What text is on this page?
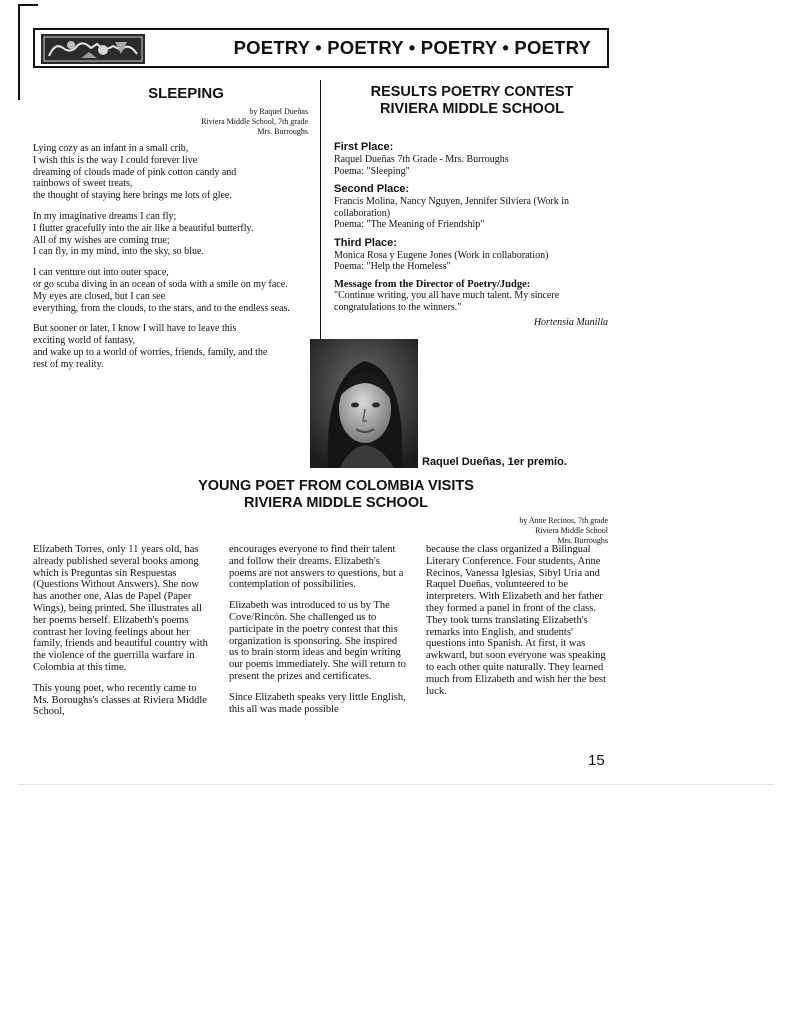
POETRY • POETRY • POETRY • POETRY
SLEEPING
by Raquel Dueñas
Riviera Middle School, 7th grade
Mrs. Burroughs
Lying cozy as an infant in a small crib,
I wish this is the way I could forever live
dreaming of clouds made of pink cotton candy and
rainbows of sweet treats,
the thought of staying here brings me lots of glee.
In my imaginative dreams I can fly;
I flutter gracefully into the air like a beautiful butterfly.
All of my wishes are coming true;
I can fly, in my mind, into the sky, so blue.
I can venture out into outer space,
or go scuba diving in an ocean of soda with a smile on my face.
My eyes are closed, but I can see
everything, from the clouds, to the stars, and to the endless seas.
But sooner or later, I know I will have to leave this
exciting world of fantasy,
and wake up to a world of worries, friends, family, and the
rest of my reality.
RESULTS POETRY CONTEST
RIVIERA MIDDLE SCHOOL
First Place:
Raquel Dueñas 7th Grade - Mrs. Burroughs
Poema: "Sleeping"
Second Place:
Francis Molina, Nancy Nguyen, Jennifer Silviera (Work in collaboration)
Poema: "The Meaning of Friendship"
Third Place:
Monica Rosa y Eugene Jones (Work in collaboration)
Poema: "Help the Homeless"
Message from the Director of Poetry/Judge:
"Continue writing, you all have much talent. My sincere congratulations to the winners."
Hortensia Munilla
Raquel Dueñas, 1er premio.
YOUNG POET FROM COLOMBIA VISITS
RIVIERA MIDDLE SCHOOL
by Anne Recinos, 7th grade
Riviera Middle School
Mrs. Burroughs

Elizabeth Torres, only 11 years old, has already published several books among which is Preguntas sin Respuestas (Questions Without Answers). She now has another one, Alas de Papel (Paper Wings), being printed. She illustrates all her poems herself. Elizabeth's poems contrast her loving feelings about her family, friends and beautiful country with the violence of the guerrilla warfare in Colombia at this time.

This young poet, who recently came to Ms. Boroughs's classes at Riviera Middle School,

encourages everyone to find their talent and follow their dreams. Elizabeth's poems are not answers to questions, but a contemplation of possibilities.

Elizabeth was introduced to us by The Cove/Rincón. She challenged us to participate in the poetry contest that this organization is sponsoring. She inspired us to brain storm ideas and begin writing our poems immediately. She will return to present the prizes and certificates.

Since Elizabeth speaks very little English, this all was made possible

because the class organized a Bilingual Literary Conference. Four students, Anne Recinos, Vanessa Iglesias, Sibyl Uria and Raquel Dueñas, volunteered to be interpreters. With Elizabeth and her father they formed a panel in front of the class. They took turns translating Elizabeth's remarks into English, and students' questions into Spanish. At first, it was awkward, but soon everyone was speaking to each other quite naturally. They learned much from Elizabeth and wish her the best luck.

15
